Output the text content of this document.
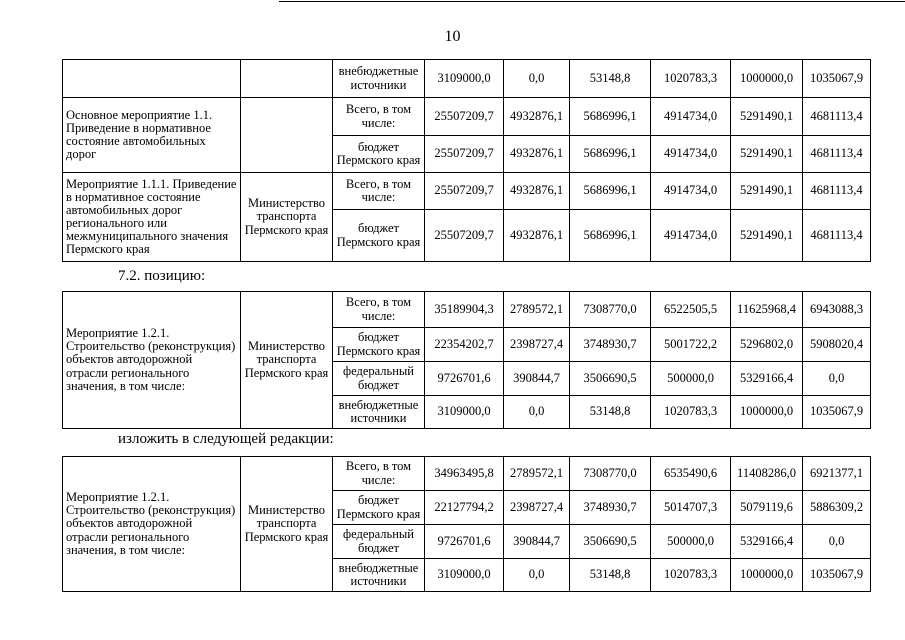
10
		внебюджетные источники	3109000,0	0,0	53148,8	1020783,3	1000000,0	1035067,9
Основное мероприятие 1.1. Приведение в нормативное состояние автомобильных дорог		Всего, в том числе:	25507209,7	4932876,1	5686996,1	4914734,0	5291490,1	4681113,4
		бюджет Пермского края	25507209,7	4932876,1	5686996,1	4914734,0	5291490,1	4681113,4
Мероприятие 1.1.1. Приведение в нормативное состояние автомобильных дорог регионального или межмуниципального значения Пермского края	Министерство транспорта Пермского края	Всего, в том числе:	25507209,7	4932876,1	5686996,1	4914734,0	5291490,1	4681113,4
		бюджет Пермского края	25507209,7	4932876,1	5686996,1	4914734,0	5291490,1	4681113,4
7.2. позицию:
Мероприятие 1.2.1. Строительство (реконструкция) объектов автодорожной отрасли регионального значения, в том числе:	Министерство транспорта Пермского края	Всего, в том числе:	35189904,3	2789572,1	7308770,0	6522505,5	11625968,4	6943088,3
		бюджет Пермского края	22354202,7	2398727,4	3748930,7	5001722,2	5296802,0	5908020,4
		федеральный бюджет	9726701,6	390844,7	3506690,5	500000,0	5329166,4	0,0
		внебюджетные источники	3109000,0	0,0	53148,8	1020783,3	1000000,0	1035067,9
изложить в следующей редакции:
Мероприятие 1.2.1. Строительство (реконструкция) объектов автодорожной отрасли регионального значения, в том числе:	Министерство транспорта Пермского края	Всего, в том числе:	34963495,8	2789572,1	7308770,0	6535490,6	11408286,0	6921377,1
		бюджет Пермского края	22127794,2	2398727,4	3748930,7	5014707,3	5079119,6	5886309,2
		федеральный бюджет	9726701,6	390844,7	3506690,5	500000,0	5329166,4	0,0
		внебюджетные источники	3109000,0	0,0	53148,8	1020783,3	1000000,0	1035067,9
